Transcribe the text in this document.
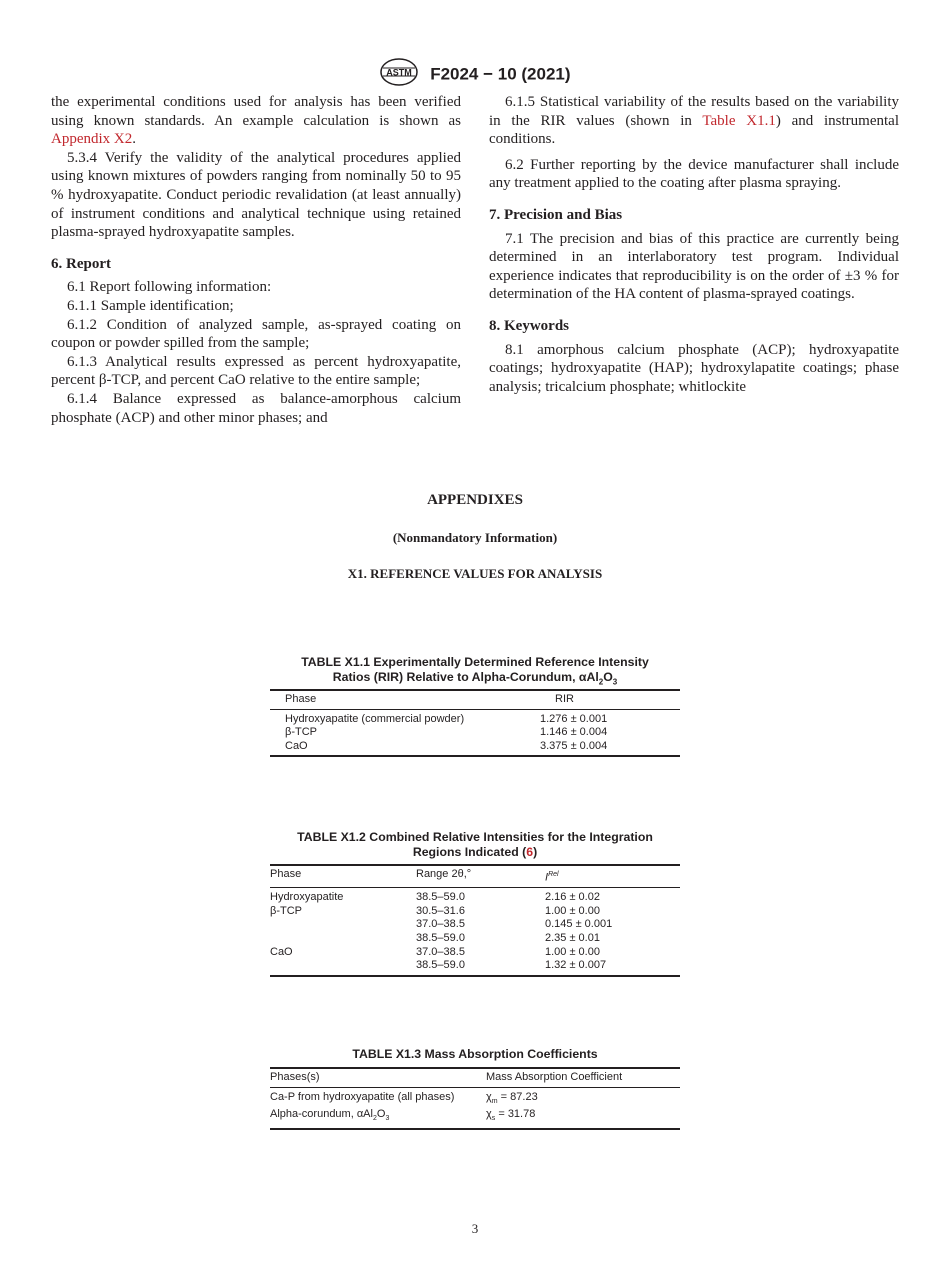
ASTM F2024 − 10 (2021)

the experimental conditions used for analysis has been verified using known standards. An example calculation is shown as Appendix X2.

5.3.4 Verify the validity of the analytical procedures applied using known mixtures of powders ranging from nominally 50 to 95 % hydroxyapatite. Conduct periodic revalidation (at least annually) of instrument conditions and analytical technique using retained plasma-sprayed hydroxyapatite samples.

6. Report

6.1 Report following information:

6.1.1 Sample identification;

6.1.2 Condition of analyzed sample, as-sprayed coating on coupon or powder spilled from the sample;

6.1.3 Analytical results expressed as percent hydroxyapatite, percent β-TCP, and percent CaO relative to the entire sample;

6.1.4 Balance expressed as balance-amorphous calcium phosphate (ACP) and other minor phases; and

6.1.5 Statistical variability of the results based on the variability in the RIR values (shown in Table X1.1) and instrumental conditions.

6.2 Further reporting by the device manufacturer shall include any treatment applied to the coating after plasma spraying.

7. Precision and Bias

7.1 The precision and bias of this practice are currently being determined in an interlaboratory test program. Individual experience indicates that reproducibility is on the order of ±3 % for determination of the HA content of plasma-sprayed coatings.

8. Keywords

8.1 amorphous calcium phosphate (ACP); hydroxyapatite coatings; hydroxyapatite (HAP); hydroxylapatite coatings; phase analysis; tricalcium phosphate; whitlockite

APPENDIXES
(Nonmandatory Information)
X1. REFERENCE VALUES FOR ANALYSIS
TABLE X1.1 Experimentally Determined Reference Intensity
Ratios (RIR) Relative to Alpha-Corundum, $\alpha Al_2O_3$
Phase	RIR
Hydroxyapatite (commercial powder)	1.276 ± 0.001
β-TCP	1.146 ± 0.004
CaO	3.375 ± 0.004
TABLE X1.2 Combined Relative Intensities for the Integration
Regions Indicated (6)
Phase	Range 2θ,°	$I^{Rel}$
Hydroxyapatite	38.5–59.0	2.16 ± 0.02
β-TCP	30.5–31.6	1.00 ± 0.00
	37.0–38.5	0.145 ± 0.001
	38.5–59.0	2.35 ± 0.01
CaO	37.0–38.5	1.00 ± 0.00
	38.5–59.0	1.32 ± 0.007
TABLE X1.3 Mass Absorption Coefficients
Phases(s)	Mass Absorption Coefficient
Ca-P from hydroxyapatite (all phases)	$\chi_m = 87.23$
Alpha-corundum, $\alpha Al_2O_3$	$\chi_s = 31.78$
3
